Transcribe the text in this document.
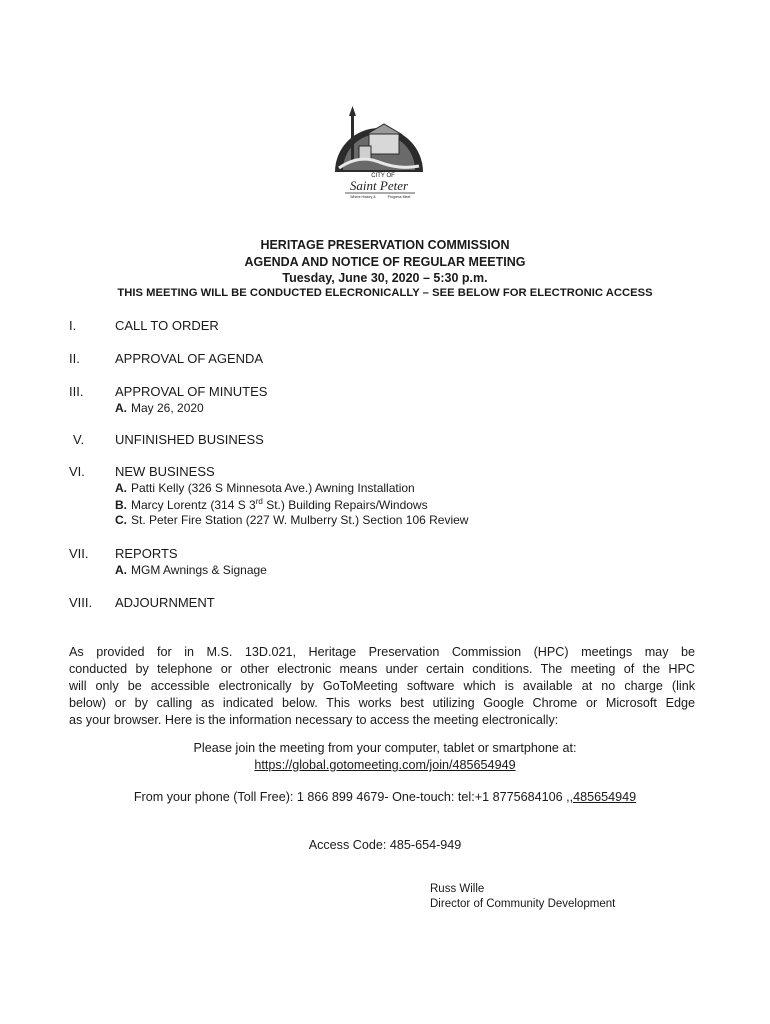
CITY OF
Saint Peter
Where History &	Progress Meet
HERITAGE PRESERVATION COMMISSION
AGENDA AND NOTICE OF REGULAR MEETING
Tuesday, June 30, 2020 – 5:30 p.m.
THIS MEETING WILL BE CONDUCTED ELECRONICALLY – SEE BELOW FOR ELECTRONIC ACCESS
I.	CALL TO ORDER
II.	APPROVAL OF AGENDA
III. APPROVAL OF MINUTES
A. May 26, 2020
V. UNFINISHED BUSINESS
VI. NEW BUSINESS
A. Patti Kelly (326 S Minnesota Ave.) Awning Installation
B. Marcy Lorentz (314 S 3rd St.) Building Repairs/Windows
C. St. Peter Fire Station (227 W. Mulberry St.) Section 106 Review
VII. REPORTS
A. MGM Awnings & Signage
VIII. ADJOURNMENT
As provided for in M.S. 13D.021, Heritage Preservation Commission (HPC) meetings may be
conducted by telephone or other electronic means under certain conditions. The meeting of the HPC
will only be accessible electronically by GoToMeeting software which is available at no charge (link
below) or by calling as indicated below. This works best utilizing Google Chrome or Microsoft Edge
as your browser. Here is the information necessary to access the meeting electronically:
Please join the meeting from your computer, tablet or smartphone at:
https://global.gotomeeting.com/join/485654949
From your phone (Toll Free): 1 866 899 4679- One-touch: tel:+1 8775684106 ,,485654949
Access Code: 485-654-949
Russ Wille
Director of Community Development
